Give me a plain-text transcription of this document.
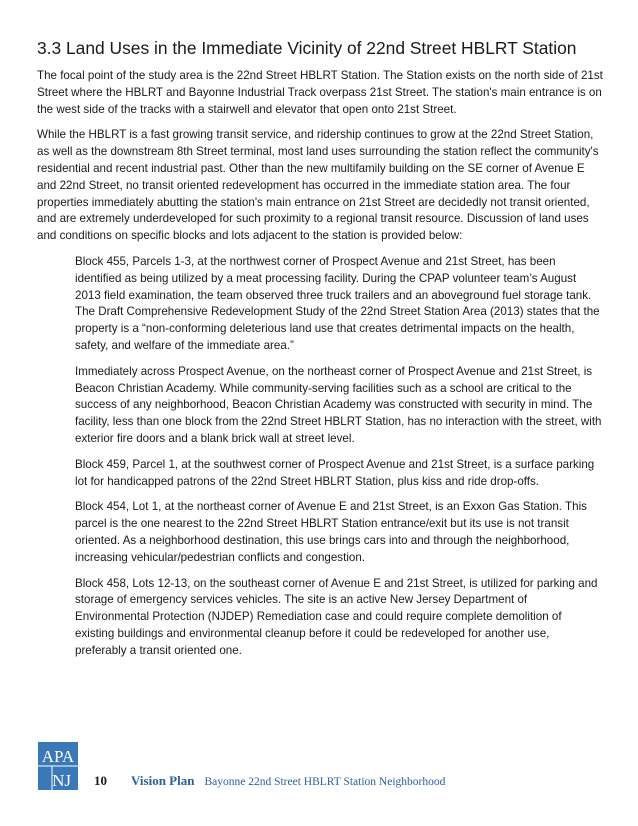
3.3 Land Uses in the Immediate Vicinity of 22nd Street HBLRT Station

The focal point of the study area is the 22nd Street HBLRT Station. The Station exists on the north side of 21st Street where the HBLRT and Bayonne Industrial Track overpass 21st Street. The station's main entrance is on the west side of the tracks with a stairwell and elevator that open onto 21st Street.

While the HBLRT is a fast growing transit service, and ridership continues to grow at the 22nd Street Station, as well as the downstream 8th Street terminal, most land uses surrounding the station reflect the community's residential and recent industrial past. Other than the new multifamily building on the SE corner of Avenue E and 22nd Street, no transit oriented redevelopment has occurred in the immediate station area. The four properties immediately abutting the station's main entrance on 21st Street are decidedly not transit oriented, and are extremely underdeveloped for such proximity to a regional transit resource. Discussion of land uses and conditions on specific blocks and lots adjacent to the station is provided below:

Block 455, Parcels 1-3, at the northwest corner of Prospect Avenue and 21st Street, has been identified as being utilized by a meat processing facility. During the CPAP volunteer team’s August 2013 field examination, the team observed three truck trailers and an aboveground fuel storage tank. The Draft Comprehensive Redevelopment Study of the 22nd Street Station Area (2013) states that the property is a “non-conforming deleterious land use that creates detrimental impacts on the health, safety, and welfare of the immediate area.”

Immediately across Prospect Avenue, on the northeast corner of Prospect Avenue and 21st Street, is Beacon Christian Academy. While community-serving facilities such as a school are critical to the success of any neighborhood, Beacon Christian Academy was constructed with security in mind. The facility, less than one block from the 22nd Street HBLRT Station, has no interaction with the street, with exterior fire doors and a blank brick wall at street level.

Block 459, Parcel 1, at the southwest corner of Prospect Avenue and 21st Street, is a surface parking lot for handicapped patrons of the 22nd Street HBLRT Station, plus kiss and ride drop-offs.

Block 454, Lot 1, at the northeast corner of Avenue E and 21st Street, is an Exxon Gas Station. This parcel is the one nearest to the 22nd Street HBLRT Station entrance/exit but its use is not transit oriented. As a neighborhood destination, this use brings cars into and through the neighborhood, increasing vehicular/pedestrian conflicts and congestion.

Block 458, Lots 12-13, on the southeast corner of Avenue E and 21st Street, is utilized for parking and storage of emergency services vehicles. The site is an active New Jersey Department of Environmental Protection (NJDEP) Remediation case and could require complete demolition of existing buildings and environmental cleanup before it could be redeveloped for another use, preferably a transit oriented one.

APA
NJ 10 Vision Plan Bayonne 22nd Street HBLRT Station Neighborhood
